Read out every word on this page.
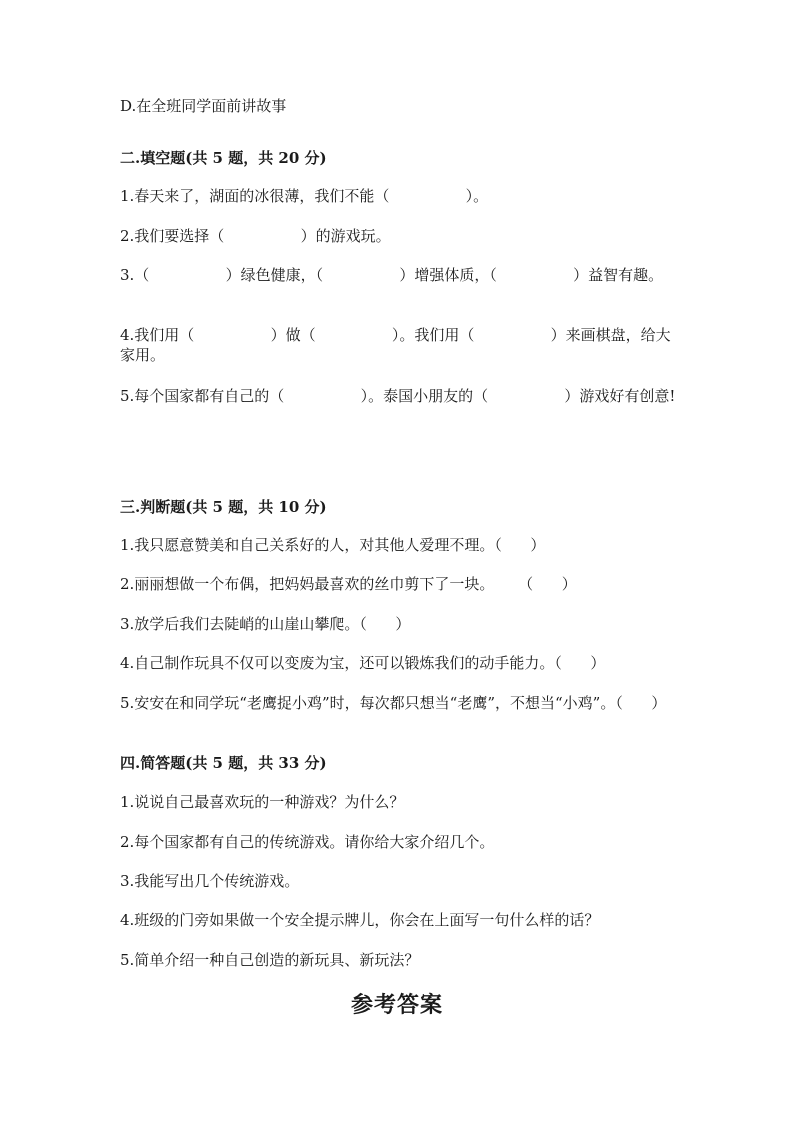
D.在全班同学面前讲故事
二.填空题(共 5 题，共 20 分)
1.春天来了，湖面的冰很薄，我们不能（                ）。
2.我们要选择（                ）的游戏玩。
3.（                ）绿色健康，（                ）增强体质，（                ）益智有趣。
4.我们用（                ）做（                ）。我们用（                ）来画棋盘，给大家用。
5.每个国家都有自己的（                ）。泰国小朋友的（                ）游戏好有创意!
三.判断题(共 5 题，共 10 分)
1.我只愿意赞美和自己关系好的人，对其他人爱理不理。（      ）
2.丽丽想做一个布偶，把妈妈最喜欢的丝巾剪下了一块。     （      ）
3.放学后我们去陡峭的山崖山攀爬。（      ）
4.自己制作玩具不仅可以变废为宝，还可以锻炼我们的动手能力。（      ）
5.安安在和同学玩“老鹰捉小鸡”时，每次都只想当“老鹰”，不想当“小鸡”。（      ）
四.简答题(共 5 题，共 33 分)
1.说说自己最喜欢玩的一种游戏？为什么？
2.每个国家都有自己的传统游戏。请你给大家介绍几个。
3.我能写出几个传统游戏。
4.班级的门旁如果做一个安全提示牌儿，你会在上面写一句什么样的话？
5.简单介绍一种自己创造的新玩具、新玩法？
参考答案
